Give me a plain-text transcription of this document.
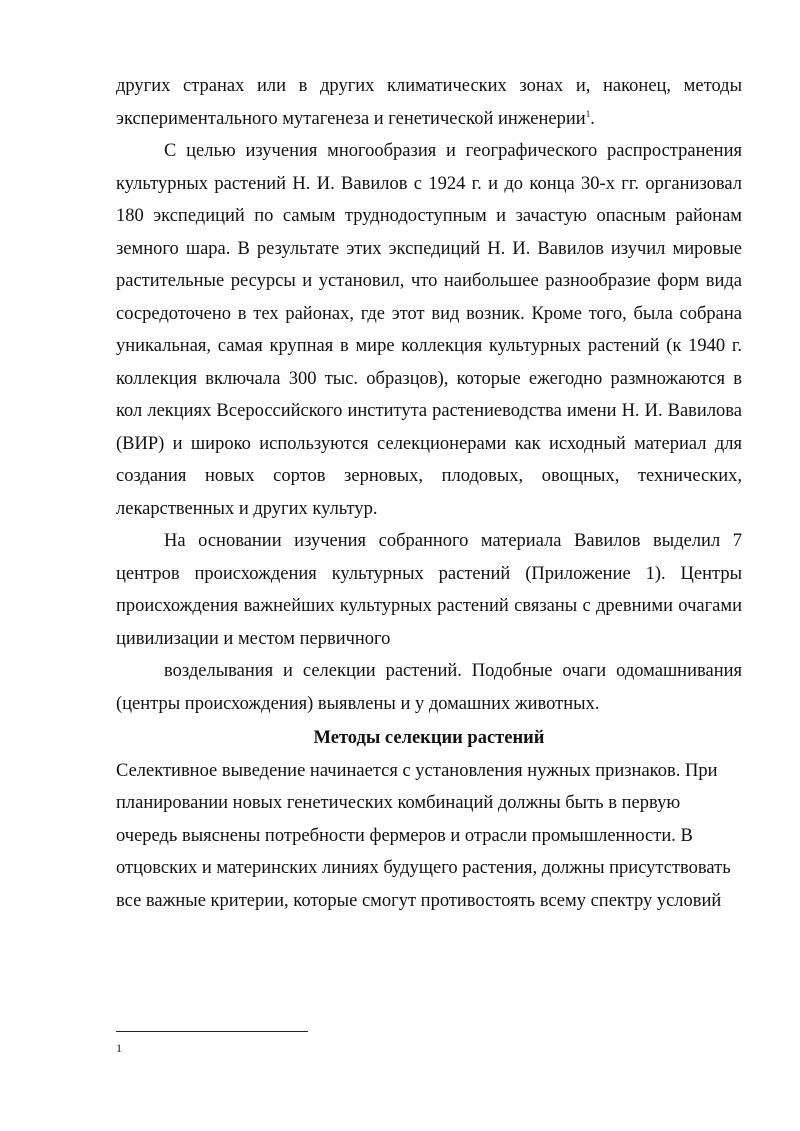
других странах или в других климатических зонах и, наконец, методы экспериментального мутагенеза и генетической инженерии$^1$.

С целью изучения многообразия и географического распространения культурных растений Н. И. Вавилов с 1924 г. и до конца 30-х гг. организовал 180 экспедиций по самым труднодоступным и зачастую опасным районам земного шара. В результате этих экспедиций Н. И. Вавилов изучил мировые растительные ресурсы и установил, что наибольшее разнообразие форм вида сосредоточено в тех районах, где этот вид возник. Кроме того, была собрана уникальная, самая крупная в мире коллекция культурных растений (к 1940 г. коллекция включала 300 тыс. образцов), которые ежегодно размножаются в кол лекциях Всероссийского института растениеводства имени Н. И. Вавилова (ВИР) и широко используются селекционерами как исходный материал для создания новых сортов зерновых, плодовых, овощных, технических, лекарственных и других культур.

На основании изучения собранного материала Вавилов выделил 7 центров происхождения культурных растений (Приложение 1). Центры происхождения важнейших культурных растений связаны с древними очагами цивилизации и местом первичного

возделывания и селекции растений. Подобные очаги одомашнивания (центры происхождения) выявлены и у домашних животных.

Методы селекции растений

Селективное выведение начинается с установления нужных признаков. При планировании новых генетических комбинаций должны быть в первую очередь выяснены потребности фермеров и отрасли промышленности. В отцовских и материнских линиях будущего растения, должны присутствовать все важные критерии, которые смогут противостоять всему спектру условий

1
